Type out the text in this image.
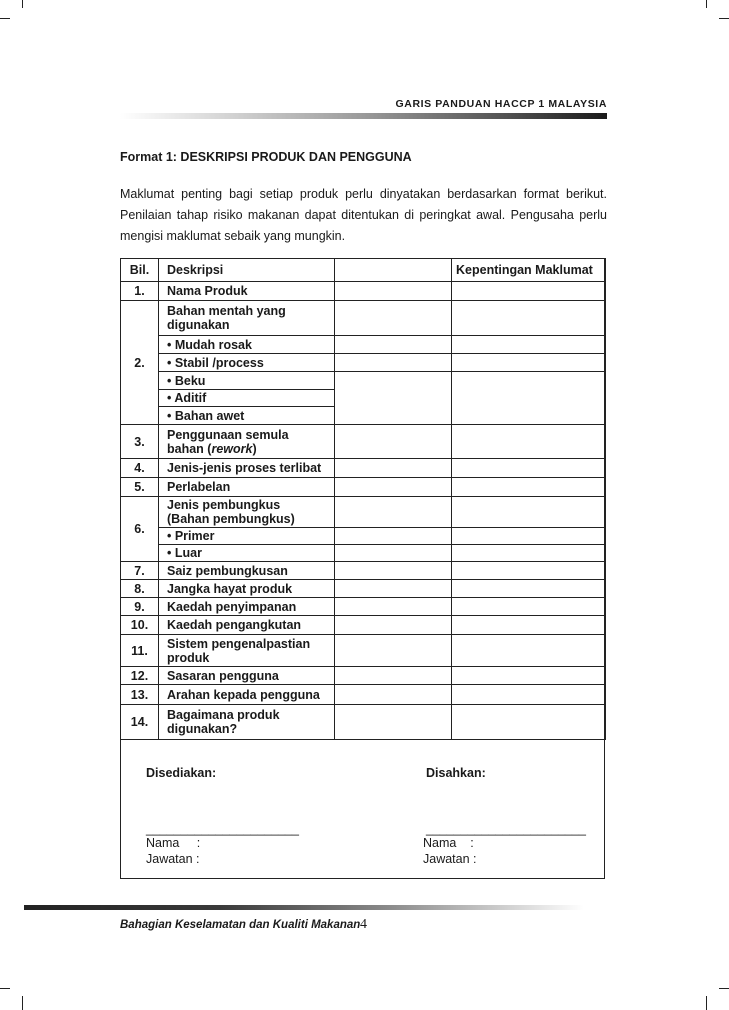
GARIS PANDUAN HACCP 1 MALAYSIA
Format 1: DESKRIPSI PRODUK DAN PENGGUNA

Maklumat penting bagi setiap produk perlu dinyatakan berdasarkan format berikut. Penilaian tahap risiko makanan dapat ditentukan di peringkat awal. Pengusaha perlu mengisi maklumat sebaik yang mungkin.

Bil.	Deskripsi		Kepentingan Maklumat
1.	Nama Produk		
2.	Bahan mentah yang
digunakan		

	• Mudah rosak		
	• Stabil /process		
	• Beku		
	• Aditif		
	• Bahan awet		
3.	Penggunaan semula
bahan (rework)		

4.	Jenis-jenis proses terlibat		
5.	Perlabelan		
6.	Jenis pembungkus
(Bahan pembungkus)		

	• Primer		
	• Luar		
7.	Saiz pembungkusan		
8.	Jangka hayat produk		
9.	Kaedah penyimpanan		
10.	Kaedah pengangkutan		
11.	Sistem pengenalpastian
produk		

12.	Sasaran pengguna		
13.	Arahan kepada pengguna		
14.	Bagaimana produk
digunakan?		

Disediakan:	Disahkan:
______________________	_______________________
Nama     :	Nama    :
Jawatan :	Jawatan :
Bahagian Keselamatan dan Kualiti Makanan 4
